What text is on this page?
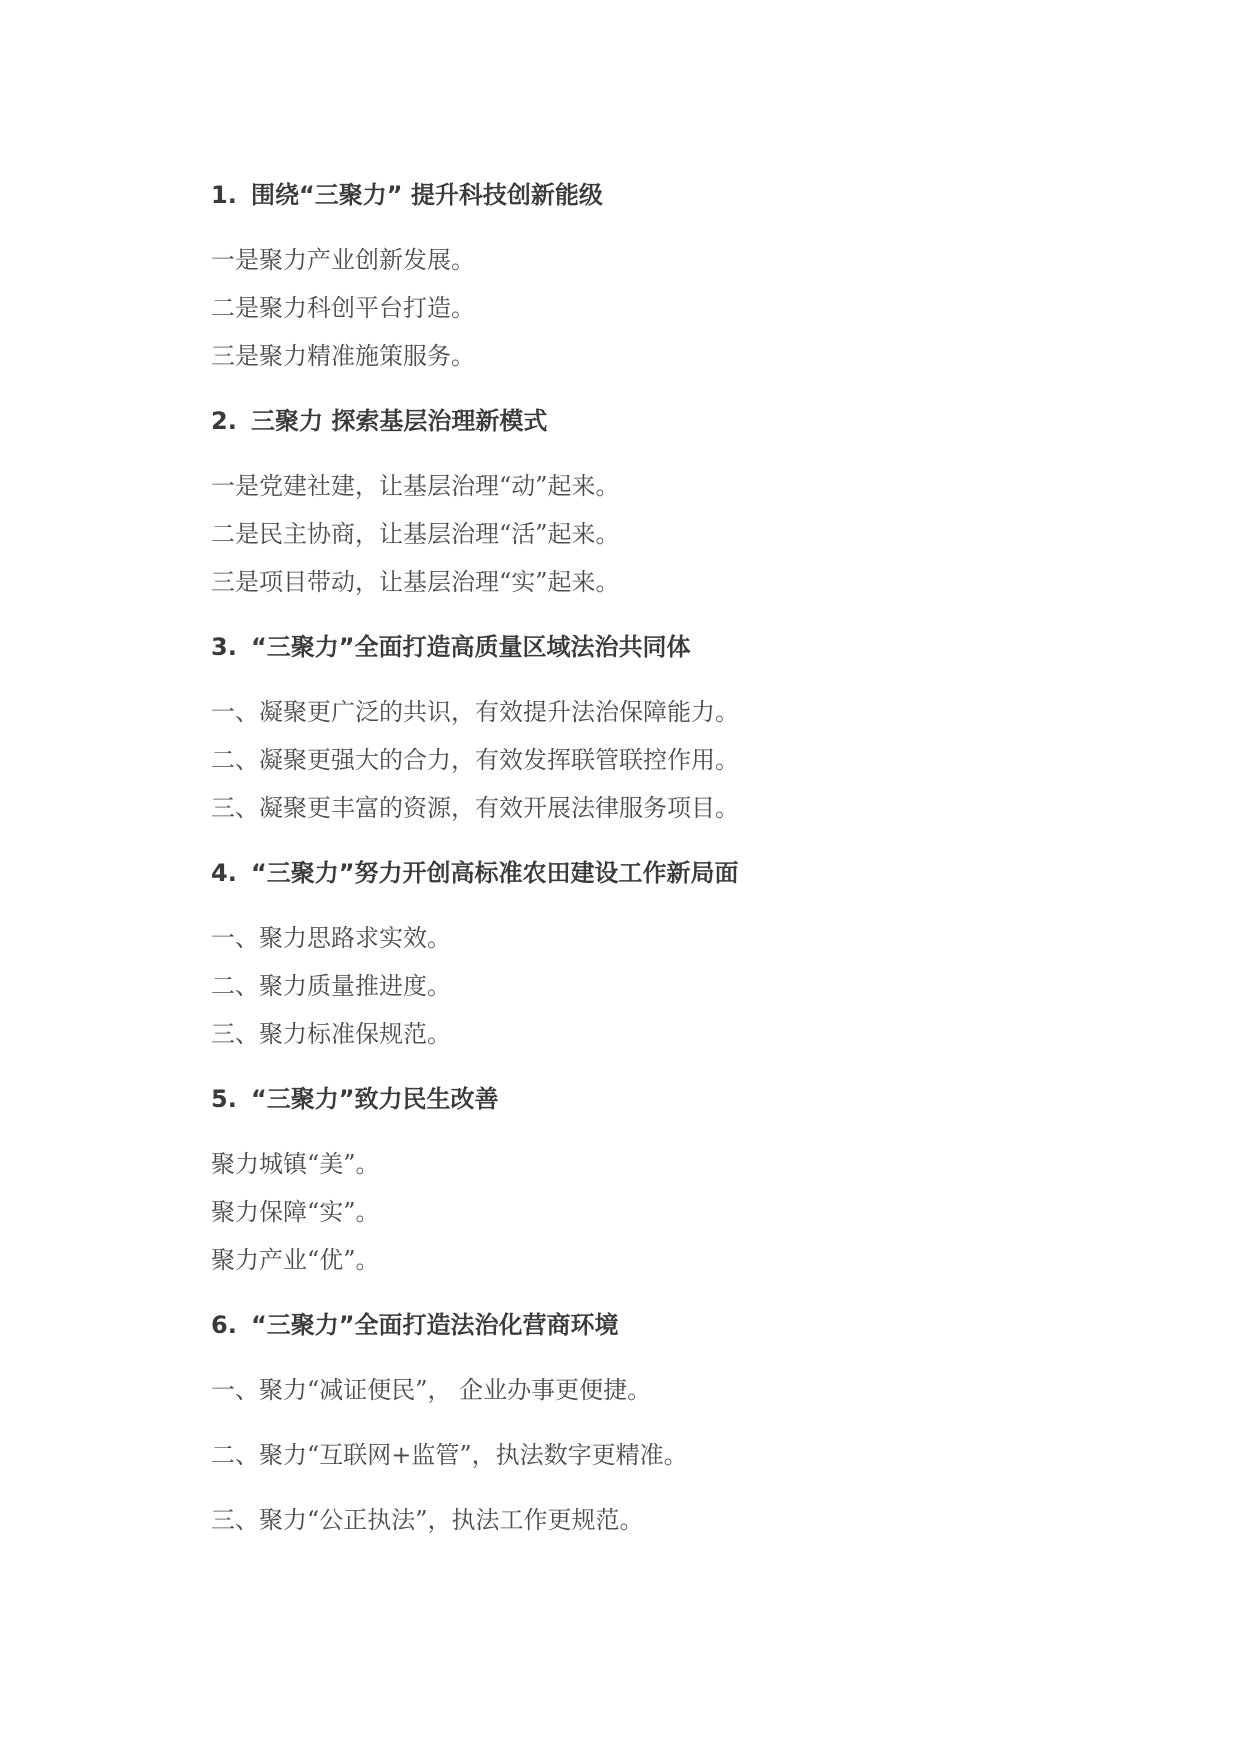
1. 围绕“三聚力” 提升科技创新能级
一是聚力产业创新发展。
二是聚力科创平台打造。
三是聚力精准施策服务。
2. 三聚力 探索基层治理新模式
一是党建社建，让基层治理“动”起来。
二是民主协商，让基层治理“活”起来。
三是项目带动，让基层治理“实”起来。
3. “三聚力”全面打造高质量区域法治共同体
一、凝聚更广泛的共识，有效提升法治保障能力。
二、凝聚更强大的合力，有效发挥联管联控作用。
三、凝聚更丰富的资源，有效开展法律服务项目。
4. “三聚力”努力开创高标准农田建设工作新局面
一、聚力思路求实效。
二、聚力质量推进度。
三、聚力标准保规范。
5. “三聚力”致力民生改善
聚力城镇“美”。
聚力保障“实”。
聚力产业“优”。
6. “三聚力”全面打造法治化营商环境
一、聚力“减证便民”， 企业办事更便捷。
二、聚力“互联网+监管”，执法数字更精准。
三、聚力“公正执法”，执法工作更规范。
